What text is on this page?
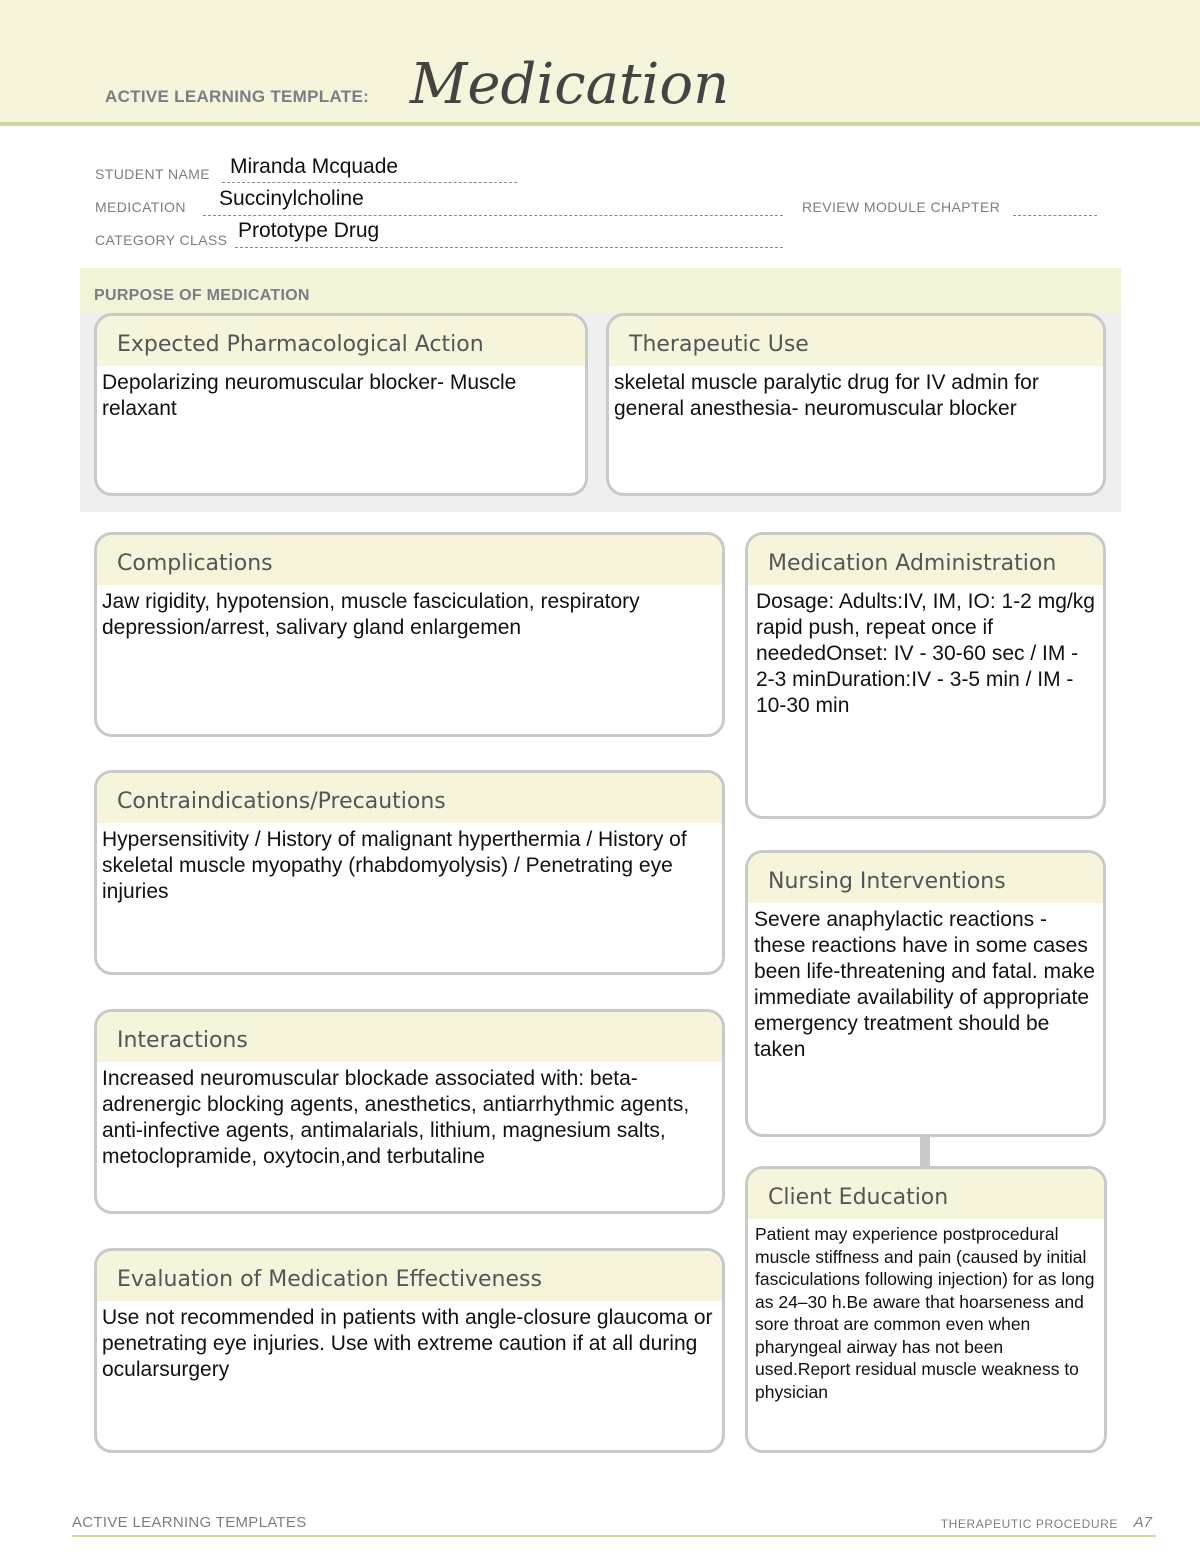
ACTIVE LEARNING TEMPLATE: Medication
STUDENT NAME Miranda Mcquade
MEDICATION Succinylcholine	REVIEW MODULE CHAPTER
CATEGORY CLASS Prototype Drug
PURPOSE OF MEDICATION
Expected Pharmacological Action
Depolarizing neuromuscular blocker- Muscle relaxant
Therapeutic Use
skeletal muscle paralytic drug for IV admin for general anesthesia- neuromuscular blocker
Complications
Jaw rigidity, hypotension, muscle fasciculation, respiratory depression/arrest, salivary gland enlargemen
Contraindications/Precautions
Hypersensitivity / History of malignant hyperthermia / History of skeletal muscle myopathy (rhabdomyolysis) / Penetrating eye injuries
Interactions
Increased neuromuscular blockade associated with: beta-adrenergic blocking agents, anesthetics, antiarrhythmic agents, anti-infective agents, antimalarials, lithium, magnesium salts, metoclopramide, oxytocin,and terbutaline
Evaluation of Medication Effectiveness
Use not recommended in patients with angle-closure glaucoma or penetrating eye injuries. Use with extreme caution if at all during ocularsurgery
Medication Administration
Dosage: Adults:IV, IM, IO: 1-2 mg/kg rapid push, repeat once if neededOnset: IV - 30-60 sec / IM - 2-3 minDuration:IV - 3-5 min / IM - 10-30 min
Nursing Interventions
Severe anaphylactic reactions - these reactions have in some cases been life-threatening and fatal. make immediate availability of appropriate emergency treatment should be taken
Client Education
Patient may experience postprocedural muscle stiffness and pain (caused by initial fasciculations following injection) for as long as 24–30 h.Be aware that hoarseness and sore throat are common even when pharyngeal airway has not been used.Report residual muscle weakness to physician
ACTIVE LEARNING TEMPLATES	THERAPEUTIC PROCEDURE A7
